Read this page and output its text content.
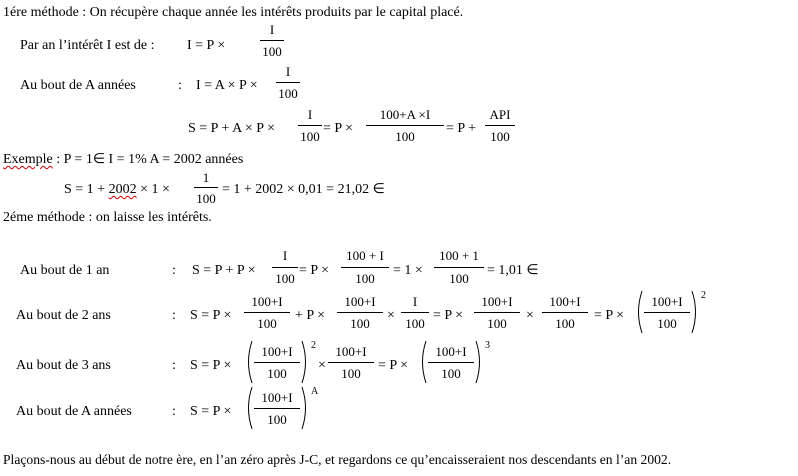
1ére méthode : On récupère chaque année les intérêts produits par le capital placé.
Par an l’intérêt I est de : I = P ×
I
100
Au bout de A années	: I = A × P ×
I
100
S = P + A × P ×
I
100
= P ×
100+A ×I
100
= P +
API
100
Exemple : P = 1∈ I = 1% A = 2002 années
S = 1 + 2002 × 1 ×
1
100
= 1 + 2002 × 0,01 = 21,02 ∈
2éme méthode : on laisse les intérêts.
Au bout de 1 an	: S = P + P ×
I
100
= P ×
100 + I
100
= 1 ×
100 + 1
100
= 1,01 ∈
Au bout de 2 ans	: S = P ×
100+I
100
+ P ×
100+I
100
×
I
100
= P ×
100+I
100
×
100+I
100
= P ×
100+I
100
2
Au bout de 3 ans	: S = P ×
100+I
100
2
×
100+I
100
= P ×
100+I
100
3
Au bout de A années	: S = P ×
100+I
100
A
Plaçons-nous au début de notre ère, en l’an zéro après J-C, et regardons ce qu’encaisseraient nos descendants en l’an 2002.
